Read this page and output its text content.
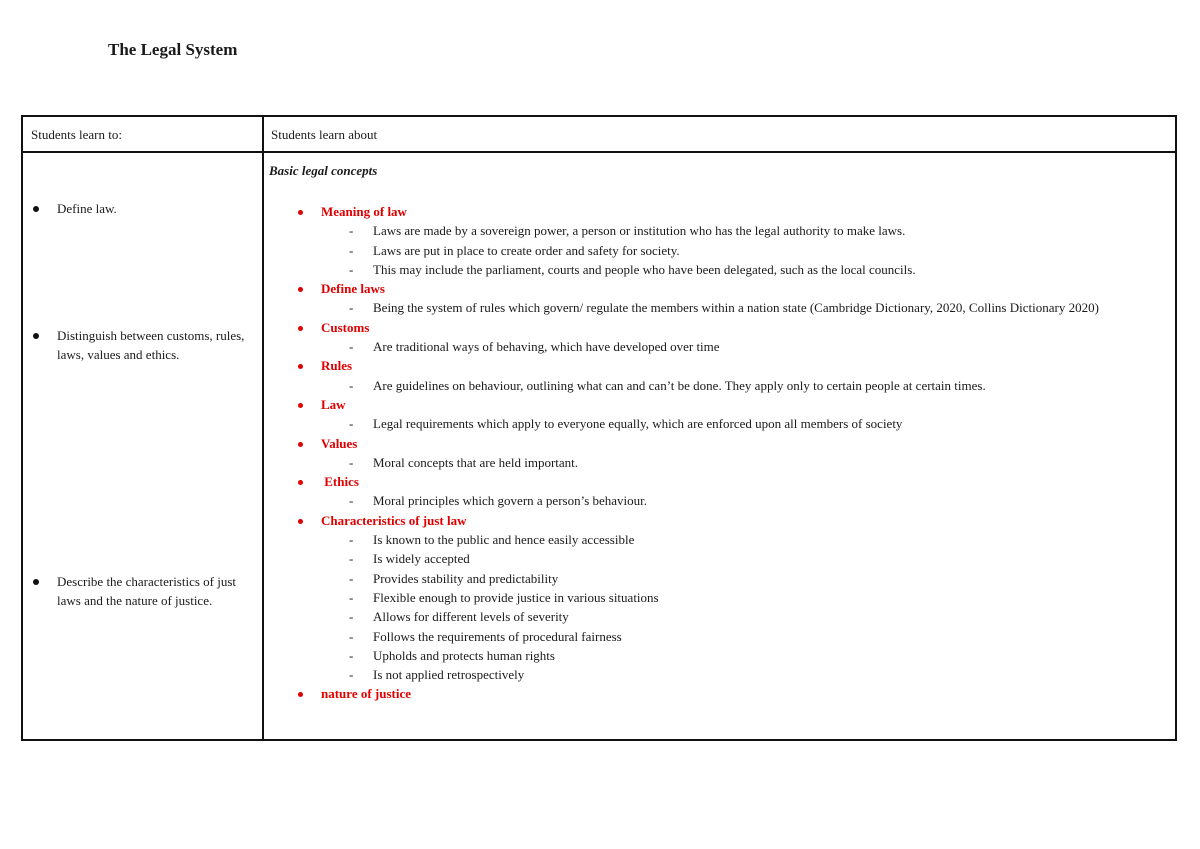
The Legal System
Students learn to:	Students learn about
Define law.
Distinguish between customs, rules, laws, values and ethics.
Describe the characteristics of just laws and the nature of justice.
Basic legal concepts
Meaning of law
- Laws are made by a sovereign power, a person or institution who has the legal authority to make laws.
- Laws are put in place to create order and safety for society.
- This may include the parliament, courts and people who have been delegated, such as the local councils.
Define laws
- Being the system of rules which govern/ regulate the members within a nation state (Cambridge Dictionary, 2020, Collins Dictionary 2020)
Customs
- Are traditional ways of behaving, which have developed over time
Rules
- Are guidelines on behaviour, outlining what can and can’t be done. They apply only to certain people at certain times.
Law
- Legal requirements which apply to everyone equally, which are enforced upon all members of society
Values
- Moral concepts that are held important.
Ethics
- Moral principles which govern a person’s behaviour.
Characteristics of just law
- Is known to the public and hence easily accessible
- Is widely accepted
- Provides stability and predictability
- Flexible enough to provide justice in various situations
- Allows for different levels of severity
- Follows the requirements of procedural fairness
- Upholds and protects human rights
- Is not applied retrospectively
nature of justice
